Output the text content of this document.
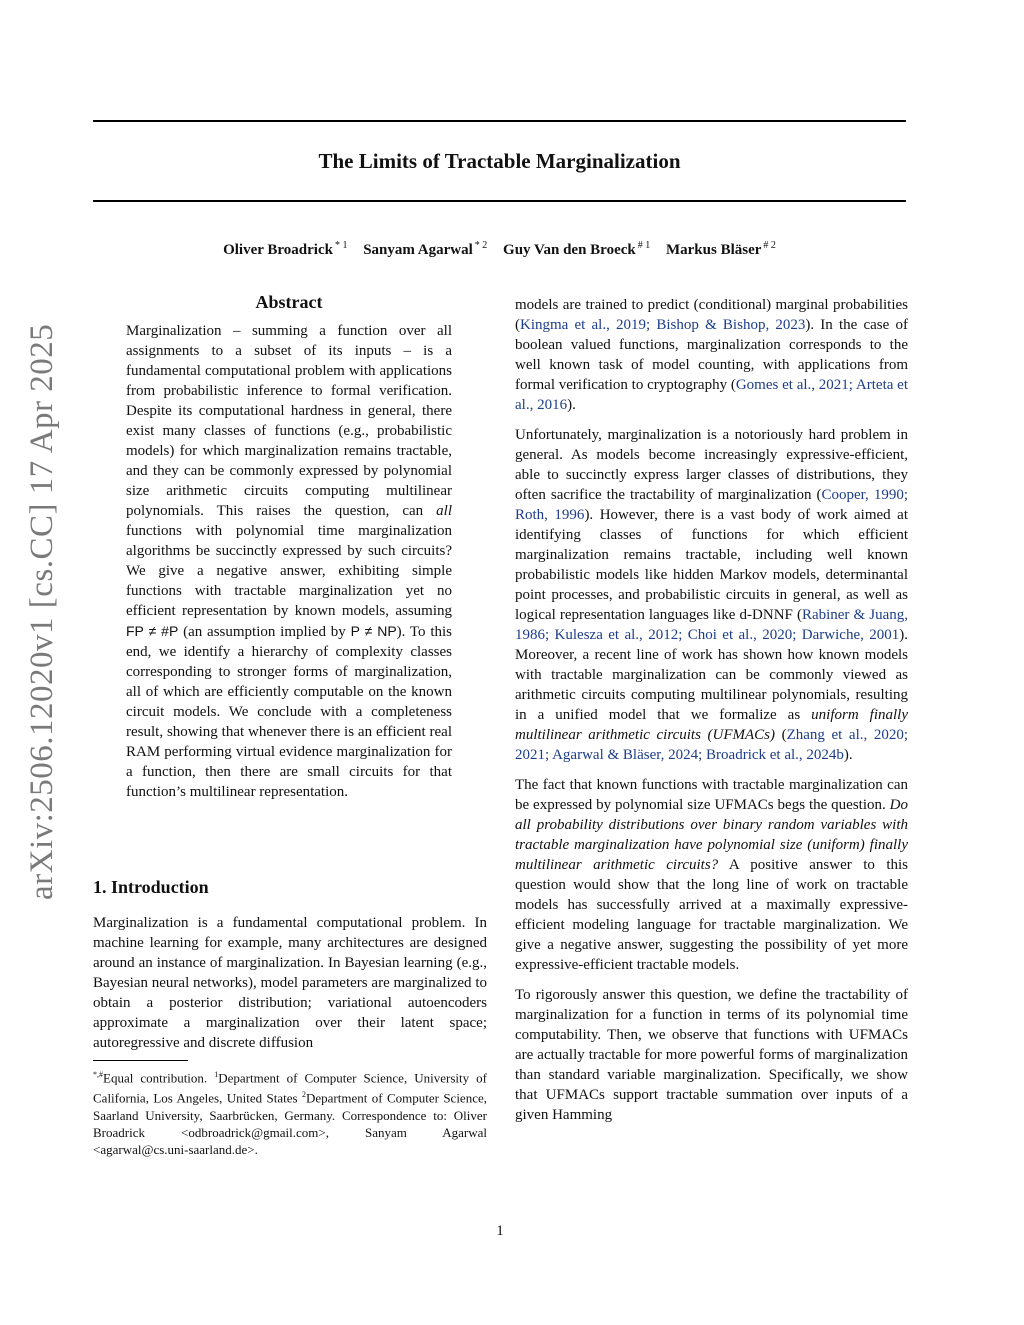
arXiv:2506.12020v1 [cs.CC] 17 Apr 2025
The Limits of Tractable Marginalization
Oliver Broadrick $^{* 1}$ Sanyam Agarwal $^{* 2}$ Guy Van den Broeck $^{\# 1}$ Markus Bläser $^{\# 2}$
Abstract

Marginalization – summing a function over all assignments to a subset of its inputs – is a fundamental computational problem with applications from probabilistic inference to formal verification. Despite its computational hardness in general, there exist many classes of functions (e.g., probabilistic models) for which marginalization remains tractable, and they can be commonly expressed by polynomial size arithmetic circuits computing multilinear polynomials. This raises the question, can all functions with polynomial time marginalization algorithms be succinctly expressed by such circuits? We give a negative answer, exhibiting simple functions with tractable marginalization yet no efficient representation by known models, assuming FP ≠ #P (an assumption implied by P ≠ NP). To this end, we identify a hierarchy of complexity classes corresponding to stronger forms of marginalization, all of which are efficiently computable on the known circuit models. We conclude with a completeness result, showing that whenever there is an efficient real RAM performing virtual evidence marginalization for a function, then there are small circuits for that function’s multilinear representation.

1. Introduction

Marginalization is a fundamental computational problem. In machine learning for example, many architectures are designed around an instance of marginalization. In Bayesian learning (e.g., Bayesian neural networks), model parameters are marginalized to obtain a posterior distribution; variational autoencoders approximate a marginalization over their latent space; autoregressive and discrete diffusion

*,#Equal contribution. $^1$Department of Computer Science, University of California, Los Angeles, United States $^2$Department of Computer Science, Saarland University, Saarbrücken, Germany. Correspondence to: Oliver Broadrick <odbroadrick@gmail.com>, Sanyam Agarwal <agarwal@cs.uni-saarland.de>.

models are trained to predict (conditional) marginal probabilities (Kingma et al., 2019; Bishop & Bishop, 2023). In the case of boolean valued functions, marginalization corresponds to the well known task of model counting, with applications from formal verification to cryptography (Gomes et al., 2021; Arteta et al., 2016).

Unfortunately, marginalization is a notoriously hard problem in general. As models become increasingly expressive-efficient, able to succinctly express larger classes of distributions, they often sacrifice the tractability of marginalization (Cooper, 1990; Roth, 1996). However, there is a vast body of work aimed at identifying classes of functions for which efficient marginalization remains tractable, including well known probabilistic models like hidden Markov models, determinantal point processes, and probabilistic circuits in general, as well as logical representation languages like d-DNNF (Rabiner & Juang, 1986; Kulesza et al., 2012; Choi et al., 2020; Darwiche, 2001). Moreover, a recent line of work has shown how known models with tractable marginalization can be commonly viewed as arithmetic circuits computing multilinear polynomials, resulting in a unified model that we formalize as uniform finally multilinear arithmetic circuits (UFMACs) (Zhang et al., 2020; 2021; Agarwal & Bläser, 2024; Broadrick et al., 2024b).

The fact that known functions with tractable marginalization can be expressed by polynomial size UFMACs begs the question. Do all probability distributions over binary random variables with tractable marginalization have polynomial size (uniform) finally multilinear arithmetic circuits? A positive answer to this question would show that the long line of work on tractable models has successfully arrived at a maximally expressive-efficient modeling language for tractable marginalization. We give a negative answer, suggesting the possibility of yet more expressive-efficient tractable models.

To rigorously answer this question, we define the tractability of marginalization for a function in terms of its polynomial time computability. Then, we observe that functions with UFMACs are actually tractable for more powerful forms of marginalization than standard variable marginalization. Specifically, we show that UFMACs support tractable summation over inputs of a given Hamming

1
